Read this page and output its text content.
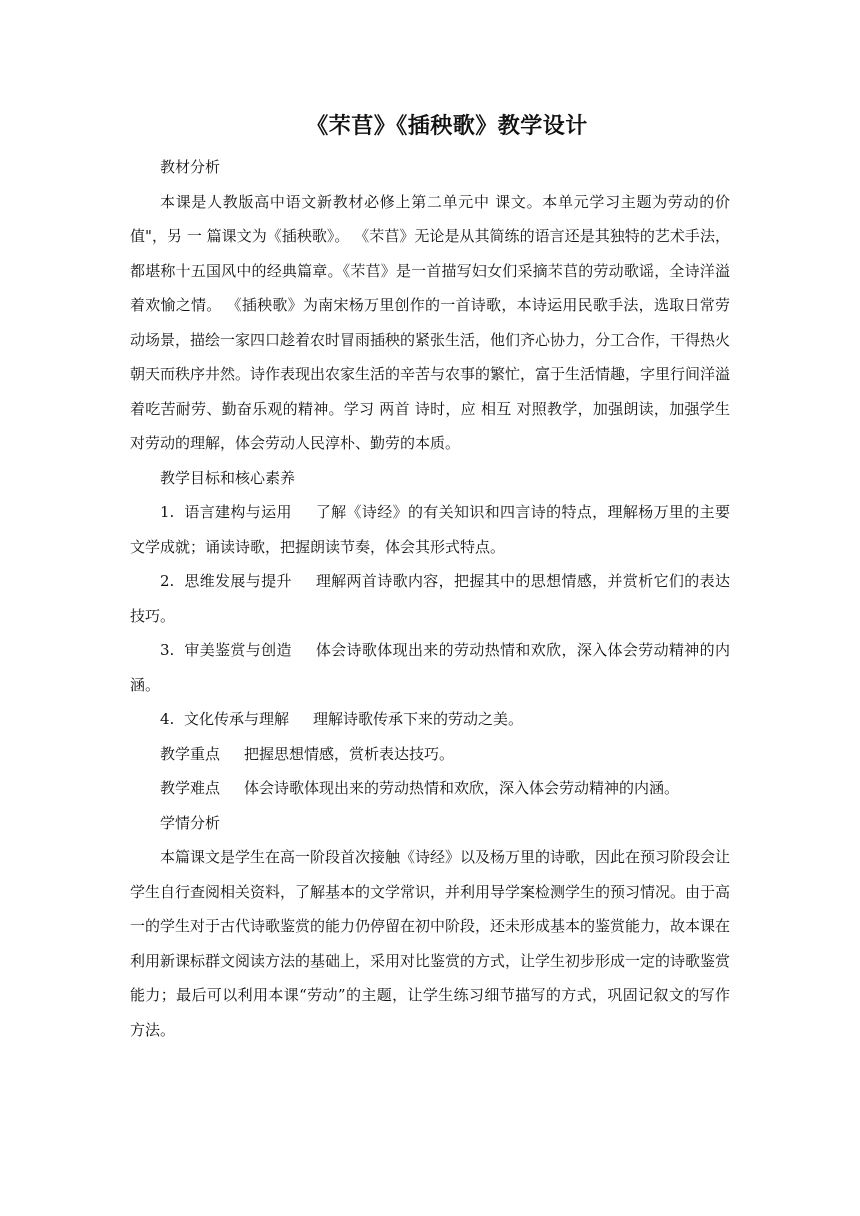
《芣苢》《插秧歌》教学设计

教材分析

本课是人教版高中语文新教材必修上第二单元中 课文。本单元学习主题为劳动的价值"，另 一 篇课文为《插秧歌》。 《芣苢》无论是从其简练的语言还是其独特的艺术手法，都堪称十五国风中的经典篇章。《芣苢》是一首描写妇女们采摘芣苢的劳动歌谣，全诗洋溢着欢愉之情。 《插秧歌》为南宋杨万里创作的一首诗歌，本诗运用民歌手法，选取日常劳动场景，描绘一家四口趁着农时冒雨插秧的紧张生活，他们齐心协力，分工合作，干得热火朝天而秩序井然。诗作表现出农家生活的辛苦与农事的繁忙，富于生活情趣，字里行间洋溢着吃苦耐劳、勤奋乐观的精神。学习 两首 诗时，应 相互 对照教学，加强朗读，加强学生对劳动的理解，体会劳动人民淳朴、勤劳的本质。

教学目标和核心素养

1. 语言建构与运用 了解《诗经》的有关知识和四言诗的特点，理解杨万里的主要文学成就；诵读诗歌，把握朗读节奏，体会其形式特点。

2. 思维发展与提升 理解两首诗歌内容，把握其中的思想情感，并赏析它们的表达技巧。

3. 审美鉴赏与创造 体会诗歌体现出来的劳动热情和欢欣，深入体会劳动精神的内涵。

4. 文化传承与理解 理解诗歌传承下来的劳动之美。

教学重点 把握思想情感，赏析表达技巧。

教学难点 体会诗歌体现出来的劳动热情和欢欣，深入体会劳动精神的内涵。

学情分析

本篇课文是学生在高一阶段首次接触《诗经》以及杨万里的诗歌，因此在预习阶段会让学生自行查阅相关资料，了解基本的文学常识，并利用导学案检测学生的预习情况。由于高一的学生对于古代诗歌鉴赏的能力仍停留在初中阶段，还未形成基本的鉴赏能力，故本课在利用新课标群文阅读方法的基础上，采用对比鉴赏的方式，让学生初步形成一定的诗歌鉴赏能力；最后可以利用本课“劳动”的主题，让学生练习细节描写的方式，巩固记叙文的写作方法。
